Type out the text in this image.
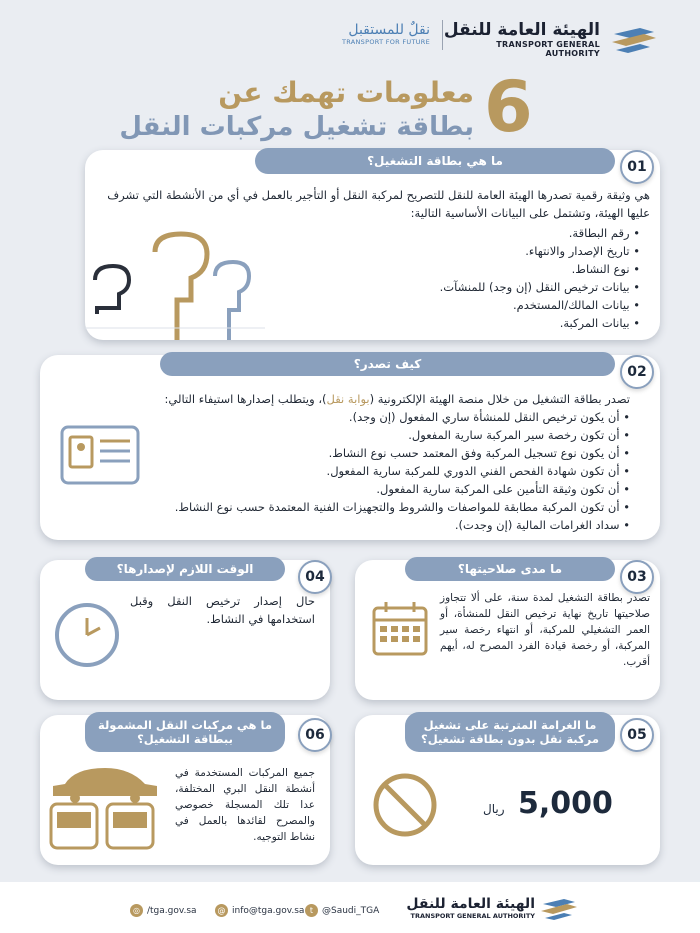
الهيئة العامة للنقل
TRANSPORT GENERAL AUTHORITY
نقلٌ للمستقبل
TRANSPORT FOR FUTURE
6
معلومات تهمك عن
بطاقة تشغيل مركبات النقل
ما هي بطاقة التشغيل؟	01
هي وثيقة رقمية تصدرها الهيئة العامة للنقل للتصريح لمركبة النقل أو التأجير بالعمل في أي من الأنشطة التي تشرف عليها الهيئة، وتشتمل على البيانات الأساسية التالية:
• رقم البطاقة.
• تاريخ الإصدار والانتهاء.
• نوع النشاط.
• بيانات ترخيص النقل (إن وجد) للمنشآت.
• بيانات المالك/المستخدم.
• بيانات المركبة.
كيف تصدر؟	02
تصدر بطاقة التشغيل من خلال منصة الهيئة الإلكترونية (بوابة نقل)، ويتطلب إصدارها استيفاء التالي:
• أن يكون ترخيص النقل للمنشأة ساري المفعول (إن وجد).
• أن تكون رخصة سير المركبة سارية المفعول.
• أن يكون نوع تسجيل المركبة وفق المعتمد حسب نوع النشاط.
• أن تكون شهادة الفحص الفني الدوري للمركبة سارية المفعول.
• أن تكون وثيقة التأمين على المركبة سارية المفعول.
• أن تكون المركبة مطابقة للمواصفات والشروط والتجهيزات الفنية المعتمدة حسب نوع النشاط.
• سداد الغرامات المالية (إن وجدت).
الوقت اللازم لإصدارها؟	04
حال إصدار ترخيص النقل وقبل استخدامها في النشاط.
ما مدى صلاحيتها؟	03
تصدر بطاقة التشغيل لمدة سنة، على ألا تتجاوز صلاحيتها تاريخ نهاية ترخيص النقل للمنشأة، أو العمر التشغيلي للمركبة، أو انتهاء رخصة سير المركبة، أو رخصة قيادة الفرد المصرح له، أيهم أقرب.
ما هي مركبات النقل المشمولة ببطاقة التشغيل؟	06
جميع المركبات المستخدمة في أنشطة النقل البري المختلفة، عدا تلك المسجلة خصوصي والمصرح لقائدها بالعمل في نشاط التوجيه.
ما الغرامة المترتبة على تشغيل مركبة نقل بدون بطاقة تشغيل؟	05
5,000
ريال
الهيئة العامة للنقل
TRANSPORT GENERAL AUTHORITY
t @Saudi_TGA
@ info@tga.gov.sa
◎ /tga.gov.sa
